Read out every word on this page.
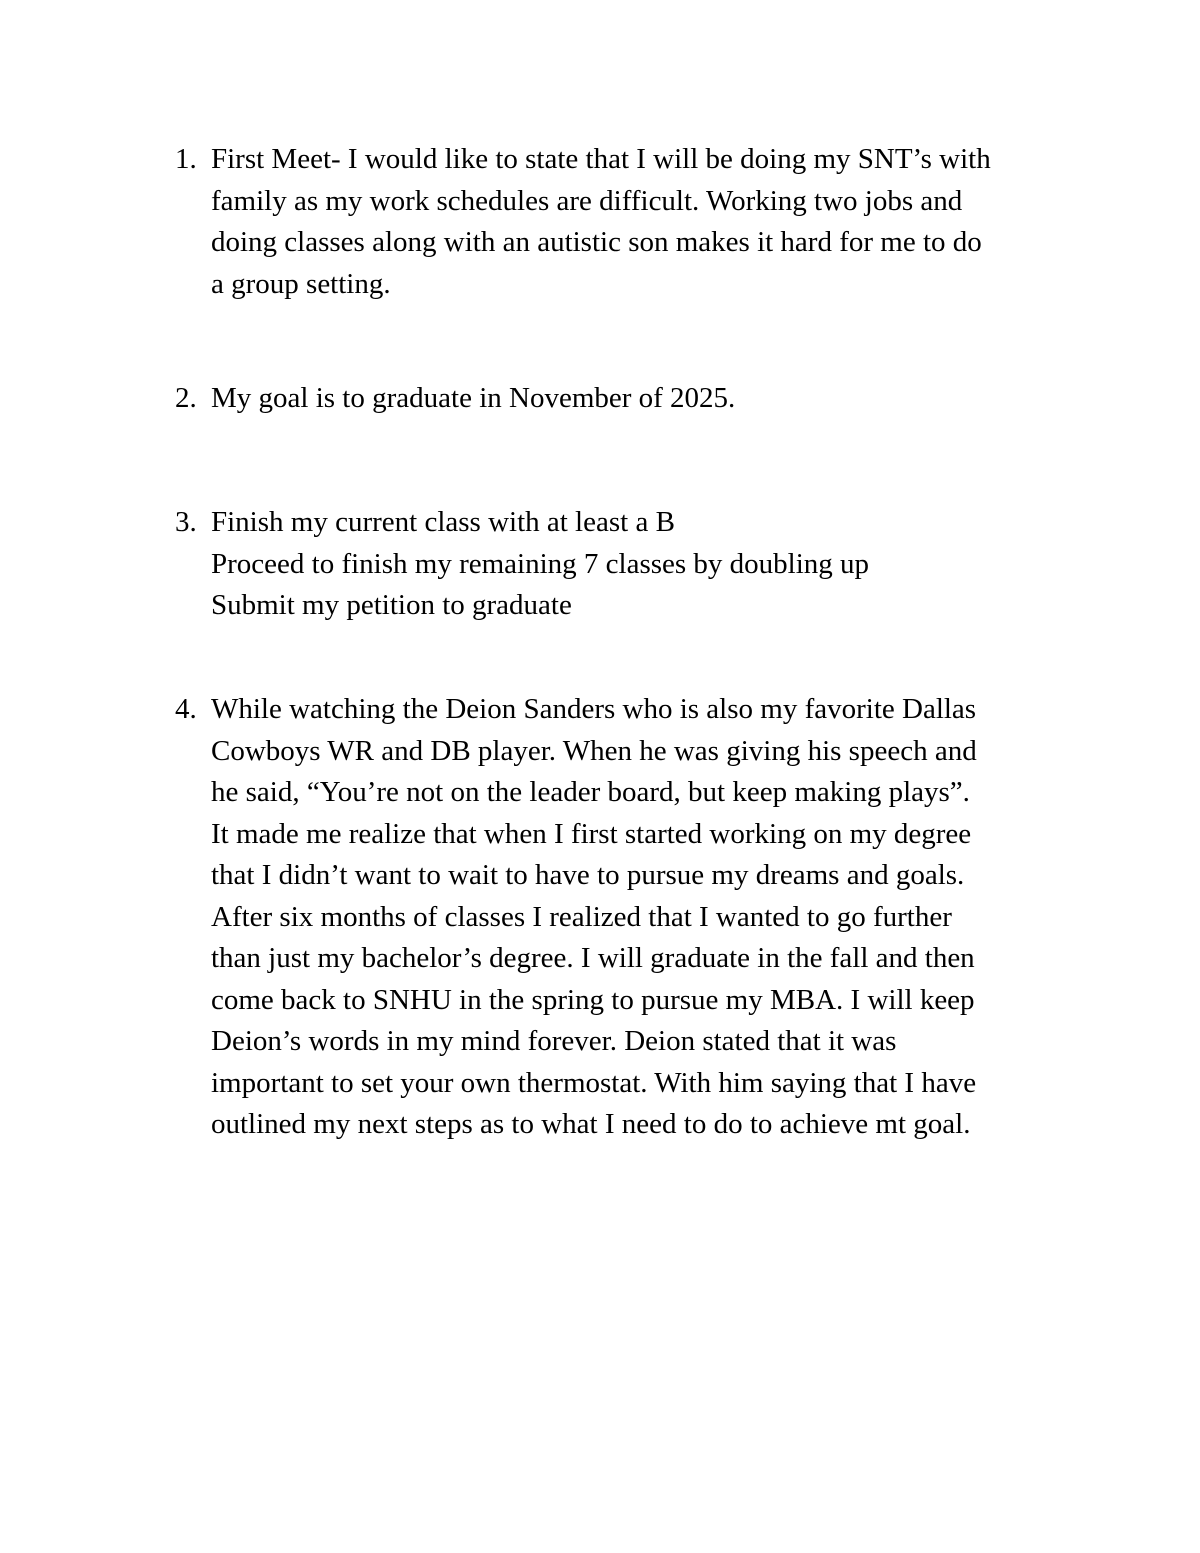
1. First Meet- I would like to state that I will be doing my SNT’s with
family as my work schedules are difficult. Working two jobs and
doing classes along with an autistic son makes it hard for me to do
a group setting.
2. My goal is to graduate in November of 2025.
3. Finish my current class with at least a B
Proceed to finish my remaining 7 classes by doubling up
Submit my petition to graduate
4. While watching the Deion Sanders who is also my favorite Dallas
Cowboys WR and DB player. When he was giving his speech and
he said, “You’re not on the leader board, but keep making plays”.
It made me realize that when I first started working on my degree
that I didn’t want to wait to have to pursue my dreams and goals.
After six months of classes I realized that I wanted to go further
than just my bachelor’s degree. I will graduate in the fall and then
come back to SNHU in the spring to pursue my MBA. I will keep
Deion’s words in my mind forever. Deion stated that it was
important to set your own thermostat. With him saying that I have
outlined my next steps as to what I need to do to achieve mt goal.
